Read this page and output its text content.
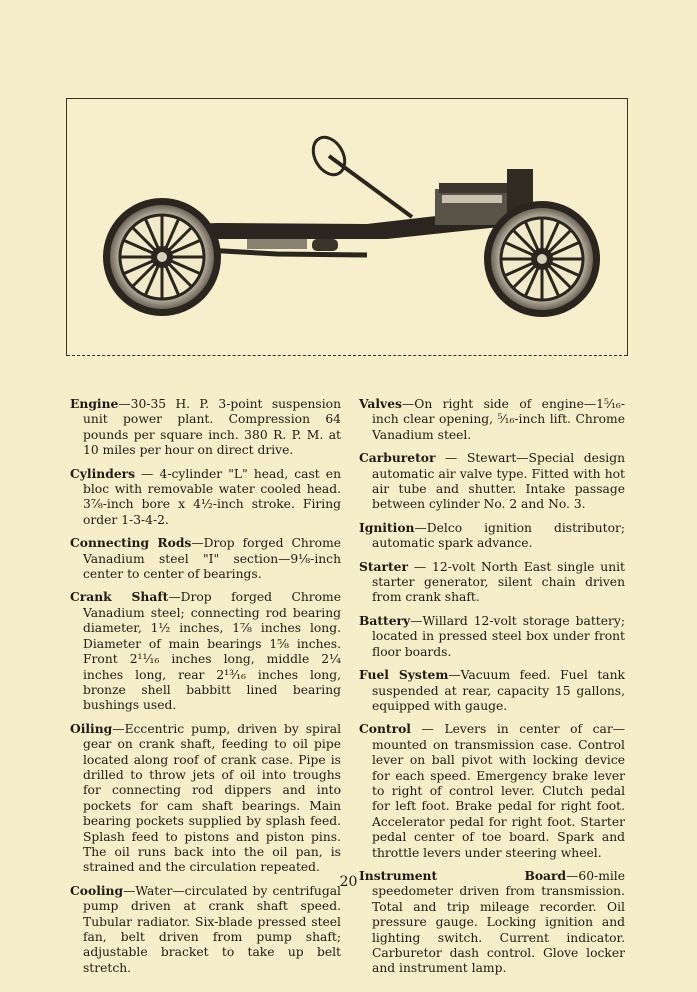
Engine—30-35 H. P. 3-point suspension unit power plant. Compression 64 pounds per square inch. 380 R. P. M. at 10 miles per hour on direct drive.

Cylinders — 4-cylinder "L" head, cast en bloc with removable water cooled head. 3⅞-inch bore x 4½-inch stroke. Firing order 1-3-4-2.

Connecting Rods—Drop forged Chrome Vanadium steel "I" section—9⅛-inch center to center of bearings.

Crank Shaft—Drop forged Chrome Vanadium steel; connecting rod bearing diameter, 1½ inches, 1⅞ inches long. Diameter of main bearings 1⅝ inches. Front 2¹¹⁄₁₆ inches long, middle 2¼ inches long, rear 2¹³⁄₁₆ inches long, bronze shell babbitt lined bearing bushings used.

Oiling—Eccentric pump, driven by spiral gear on crank shaft, feeding to oil pipe located along roof of crank case. Pipe is drilled to throw jets of oil into troughs for connecting rod dippers and into pockets for cam shaft bearings. Main bearing pockets supplied by splash feed. Splash feed to pistons and piston pins. The oil runs back into the oil pan, is strained and the circulation repeated.

Cooling—Water—circulated by centrifugal pump driven at crank shaft speed. Tubular radiator. Six-blade pressed steel fan, belt driven from pump shaft; adjustable bracket to take up belt stretch.

Valves—On right side of engine—1⁵⁄₁₆-inch clear opening, ⁵⁄₁₆-inch lift. Chrome Vanadium steel.

Carburetor — Stewart—Special design automatic air valve type. Fitted with hot air tube and shutter. Intake passage between cylinder No. 2 and No. 3.

Ignition—Delco ignition distributor; automatic spark advance.

Starter — 12-volt North East single unit starter generator, silent chain driven from crank shaft.

Battery—Willard 12-volt storage battery; located in pressed steel box under front floor boards.

Fuel System—Vacuum feed. Fuel tank suspended at rear, capacity 15 gallons, equipped with gauge.

Control — Levers in center of car—mounted on transmission case. Control lever on ball pivot with locking device for each speed. Emergency brake lever to right of control lever. Clutch pedal for left foot. Brake pedal for right foot. Accelerator pedal for right foot. Starter pedal center of toe board. Spark and throttle levers under steering wheel.

Instrument Board—60-mile speedometer driven from transmission. Total and trip mileage recorder. Oil pressure gauge. Locking ignition and lighting switch. Current indicator. Carburetor dash control. Glove locker and instrument lamp.

20
